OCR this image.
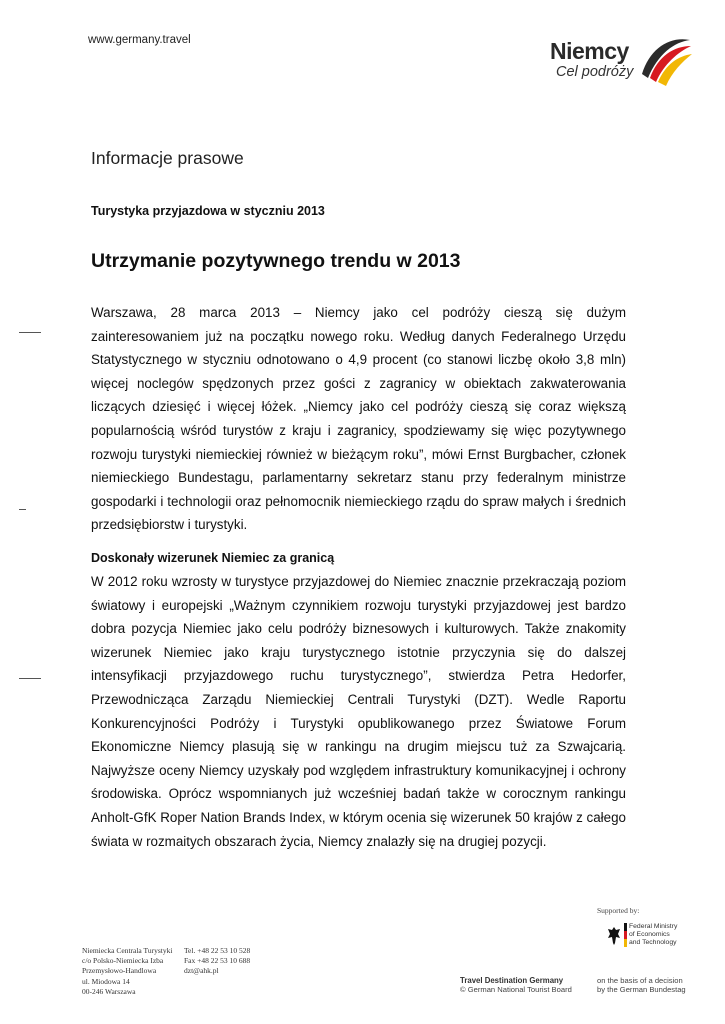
www.germany.travel	Niemcy
Cel podróży
Informacje prasowe
Turystyka przyjazdowa w styczniu 2013
Utrzymanie pozytywnego trendu w 2013
Warszawa, 28 marca 2013 – Niemcy jako cel podróży cieszą się dużym zainteresowaniem już na początku nowego roku. Według danych Federalnego Urzędu Statystycznego w styczniu odnotowano o 4,9 procent (co stanowi liczbę około 3,8 mln) więcej noclegów spędzonych przez gości z zagranicy w obiektach zakwaterowania liczących dziesięć i więcej łóżek. „Niemcy jako cel podróży cieszą się coraz większą popularnością wśród turystów z kraju i zagranicy, spodziewamy się więc pozytywnego rozwoju turystyki niemieckiej również w bieżącym roku”, mówi Ernst Burgbacher, członek niemieckiego Bundestagu, parlamentarny sekretarz stanu przy federalnym ministrze gospodarki i technologii oraz pełnomocnik niemieckiego rządu do spraw małych i średnich przedsiębiorstw i turystyki.
Doskonały wizerunek Niemiec za granicą
W 2012 roku wzrosty w turystyce przyjazdowej do Niemiec znacznie przekraczają poziom światowy i europejski „Ważnym czynnikiem rozwoju turystyki przyjazdowej jest bardzo dobra pozycja Niemiec jako celu podróży biznesowych i kulturowych. Także znakomity wizerunek Niemiec jako kraju turystycznego istotnie przyczynia się do dalszej intensyfikacji przyjazdowego ruchu turystycznego”, stwierdza Petra Hedorfer, Przewodnicząca Zarządu Niemieckiej Centrali Turystyki (DZT). Wedle Raportu Konkurencyjności Podróży i Turystyki opublikowanego przez Światowe Forum Ekonomiczne Niemcy plasują się w rankingu na drugim miejscu tuż za Szwajcarią. Najwyższe oceny Niemcy uzyskały pod względem infrastruktury komunikacyjnej i ochrony środowiska. Oprócz wspomnianych już wcześniej badań także w corocznym rankingu Anholt-GfK Roper Nation Brands Index, w którym ocenia się wizerunek 50 krajów z całego świata w rozmaitych obszarach życia, Niemcy znalazły się na drugiej pozycji.
Niemiecka Centrala Turystyki
c/o Polsko-Niemiecka Izba
Przemysłowo-Handlowa
ul. Miodowa 14
00-246 Warszawa
Tel. +48 22 53 10 528
Fax +48 22 53 10 688
dzt@ahk.pl
Supported by:
Federal Ministry
of Economics
and Technology
Travel Destination Germany
© German National Tourist Board
on the basis of a decision
by the German Bundestag
